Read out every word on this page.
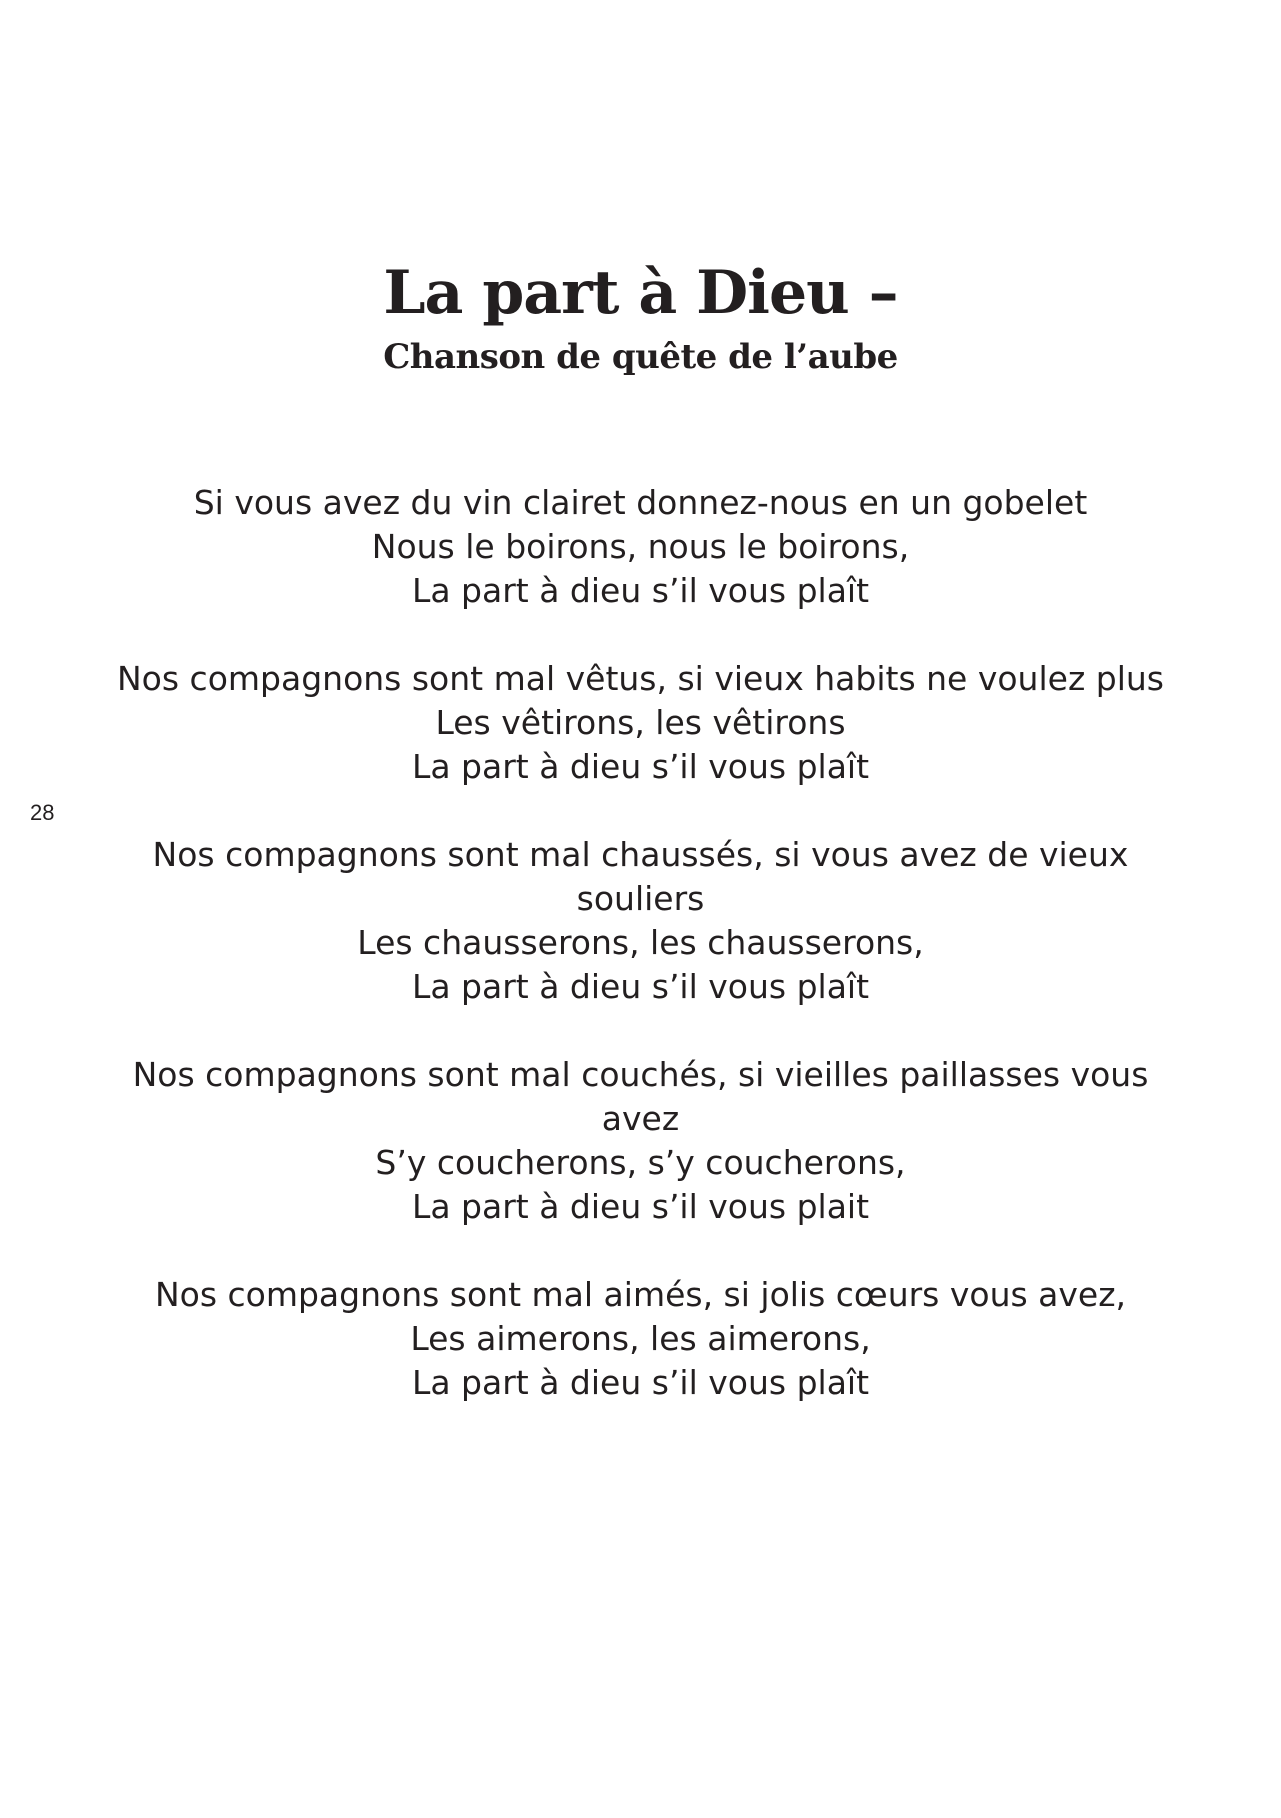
La part à Dieu –
Chanson de quête de l’aube
28
Si vous avez du vin clairet donnez-nous en un gobelet
Nous le boirons, nous le boirons,
La part à dieu s’il vous plaît
Nos compagnons sont mal vêtus, si vieux habits ne voulez plus
Les vêtirons, les vêtirons
La part à dieu s’il vous plaît
Nos compagnons sont mal chaussés, si vous avez de vieux
souliers
Les chausserons, les chausserons,
La part à dieu s’il vous plaît
Nos compagnons sont mal couchés, si vieilles paillasses vous
avez
S’y coucherons, s’y coucherons,
La part à dieu s’il vous plait
Nos compagnons sont mal aimés, si jolis cœurs vous avez,
Les aimerons, les aimerons,
La part à dieu s’il vous plaît
